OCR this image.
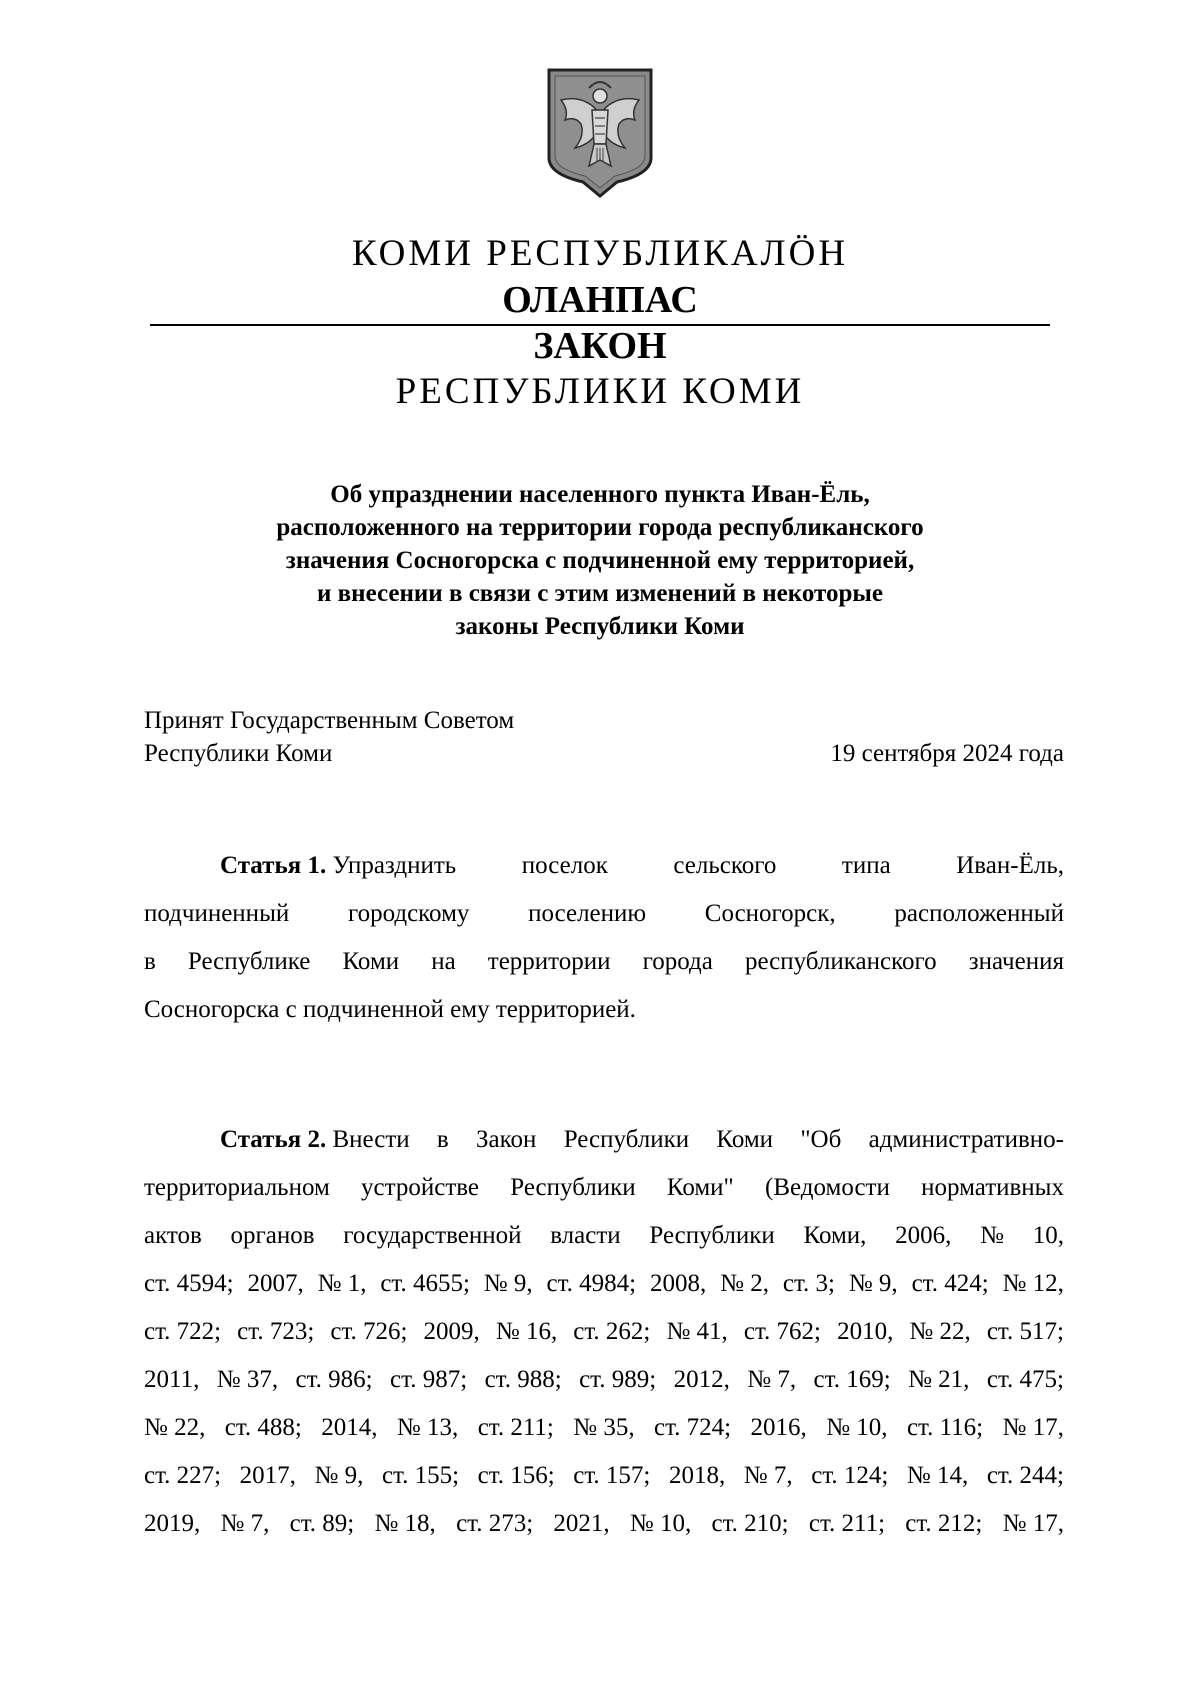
КОМИ РЕСПУБЛИКАЛӦН
ОЛАНПАС
ЗАКОН
РЕСПУБЛИКИ КОМИ
Об упразднении населенного пункта Иван-Ёль,
расположенного на территории города республиканского
значения Сосногорска с подчиненной ему территорией,
и внесении в связи с этим изменений в некоторые
законы Республики Коми
Принят Государственным Советом
Республики Коми	19 сентября 2024 года
Статья 1. Упразднить	поселок	сельского	типа	Иван-Ёль,
подчиненный городскому поселению Сосногорск, расположенный
в Республике Коми на территории города республиканского значения
Сосногорска с подчиненной ему территорией.
Статья 2. Внести в Закон Республики Коми "Об административно-
территориальном устройстве Республики Коми" (Ведомости нормативных
актов органов государственной власти Республики Коми, 2006, № 10,
ст. 4594; 2007, № 1, ст. 4655; № 9, ст. 4984; 2008, № 2, ст. 3; № 9, ст. 424; № 12,
ст. 722; ст. 723; ст. 726; 2009, № 16, ст. 262; № 41, ст. 762; 2010, № 22, ст. 517;
2011, № 37, ст. 986; ст. 987; ст. 988; ст. 989; 2012, № 7, ст. 169; № 21, ст. 475;
№ 22, ст. 488; 2014, № 13, ст. 211; № 35, ст. 724; 2016, № 10, ст. 116; № 17,
ст. 227; 2017, № 9, ст. 155; ст. 156; ст. 157; 2018, № 7, ст. 124; № 14, ст. 244;
2019, № 7, ст. 89; № 18, ст. 273; 2021, № 10, ст. 210; ст. 211; ст. 212; № 17,
